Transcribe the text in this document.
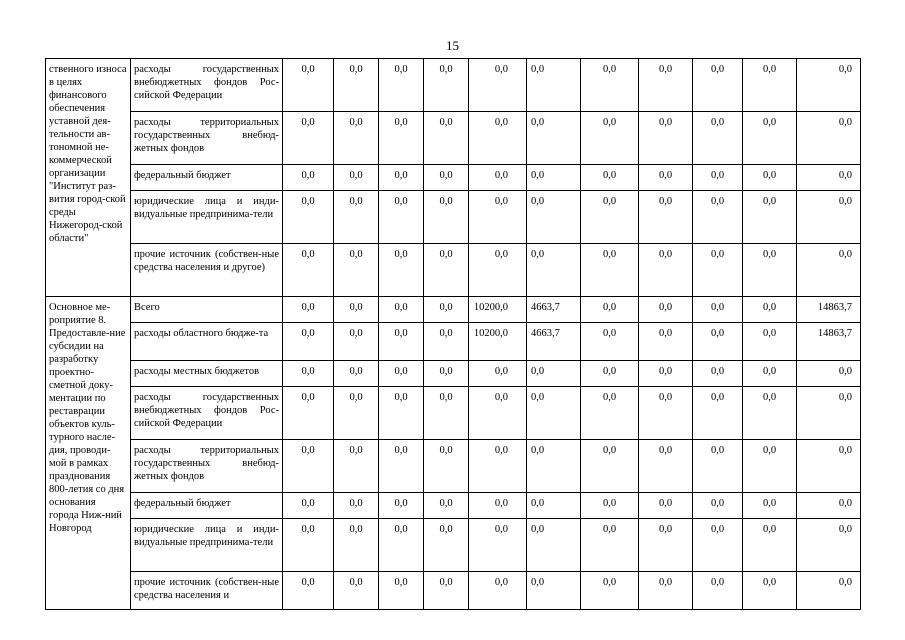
15
ственного износа в целях финансового обеспечения уставной дея-тельности ав-тономной не-коммерческой организации "Институт раз-вития город-ской среды Нижегород-ской области"	расходы государственных внебюджетных фондов Рос-сийской Федерации	0,0	0,0	0,0	0,0	0,0	0,0	0,0	0,0	0,0	0,0	0,0
	расходы территориальных государственных внебюд-жетных фондов	0,0	0,0	0,0	0,0	0,0	0,0	0,0	0,0	0,0	0,0	0,0
	федеральный бюджет	0,0	0,0	0,0	0,0	0,0	0,0	0,0	0,0	0,0	0,0	0,0
	юридические лица и инди-видуальные предпринима-тели	0,0	0,0	0,0	0,0	0,0	0,0	0,0	0,0	0,0	0,0	0,0
	прочие источник (собствен-ные средства населения и другое)	0,0	0,0	0,0	0,0	0,0	0,0	0,0	0,0	0,0	0,0	0,0
Основное ме-роприятие 8. Предоставле-ние субсидии на разработку проектно-сметной доку-ментации по реставрации объектов куль-турного насле-дия, проводи-мой в рамках празднования 800-летия со дня основания города Ниж-ний Новгород	Всего	0,0	0,0	0,0	0,0	10200,0	4663,7	0,0	0,0	0,0	0,0	14863,7
	расходы областного бюдже-та	0,0	0,0	0,0	0,0	10200,0	4663,7	0,0	0,0	0,0	0,0	14863,7
	расходы местных бюджетов	0,0	0,0	0,0	0,0	0,0	0,0	0,0	0,0	0,0	0,0	0,0
	расходы государственных внебюджетных фондов Рос-сийской Федерации	0,0	0,0	0,0	0,0	0,0	0,0	0,0	0,0	0,0	0,0	0,0
	расходы территориальных государственных внебюд-жетных фондов	0,0	0,0	0,0	0,0	0,0	0,0	0,0	0,0	0,0	0,0	0,0
	федеральный бюджет	0,0	0,0	0,0	0,0	0,0	0,0	0,0	0,0	0,0	0,0	0,0
	юридические лица и инди-видуальные предпринима-тели	0,0	0,0	0,0	0,0	0,0	0,0	0,0	0,0	0,0	0,0	0,0
	прочие источник (собствен-ные средства населения и	0,0	0,0	0,0	0,0	0,0	0,0	0,0	0,0	0,0	0,0	0,0
